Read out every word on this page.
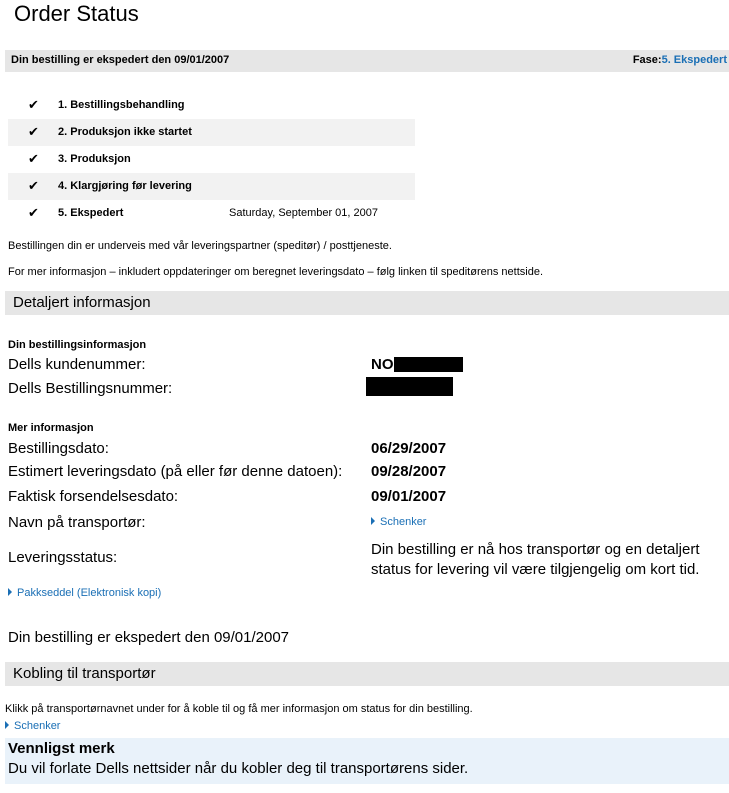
Order Status
Din bestilling er ekspedert den 09/01/2007	Fase:5. Ekspedert
✔ 1. Bestillingsbehandling
✔ 2. Produksjon ikke startet
✔ 3. Produksjon
✔ 4. Klargjøring før levering
✔ 5. Ekspedert	Saturday, September 01, 2007
Bestillingen din er underveis med vår leveringspartner (speditør) / posttjeneste.
For mer informasjon – inkludert oppdateringer om beregnet leveringsdato – følg linken til speditørens nettside.
Detaljert informasjon
Din bestillingsinformasjon
Dells kundenummer:	NO
Dells Bestillingsnummer:
Mer informasjon
Bestillingsdato:	06/29/2007
Estimert leveringsdato (på eller før denne datoen): 09/28/2007
Faktisk forsendelsesdato:	09/01/2007
Navn på transportør:	Schenker
Leveringsstatus:	Din bestilling er nå hos transportør og en detaljert status for levering vil være tilgjengelig om kort tid.
Pakkseddel (Elektronisk kopi)
Din bestilling er ekspedert den 09/01/2007
Kobling til transportør
Klikk på transportørnavnet under for å koble til og få mer informasjon om status for din bestilling.
Schenker
Vennligst merk
Du vil forlate Dells nettsider når du kobler deg til transportørens sider.
